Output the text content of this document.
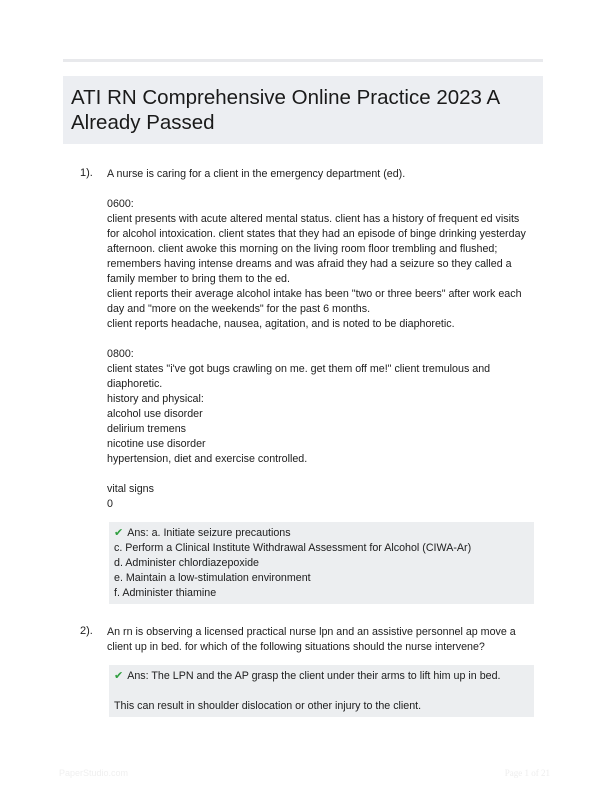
ATI RN Comprehensive Online Practice 2023 A Already Passed
1). A nurse is caring for a client in the emergency department (ed).
0600:
client presents with acute altered mental status. client has a history of frequent ed visits
for alcohol intoxication. client states that they had an episode of binge drinking yesterday
afternoon. client awoke this morning on the living room floor trembling and flushed;
remembers having intense dreams and was afraid they had a seizure so they called a
family member to bring them to the ed.
client reports their average alcohol intake has been "two or three beers" after work each
day and "more on the weekends" for the past 6 months.
client reports headache, nausea, agitation, and is noted to be diaphoretic.
0800:
client states "i've got bugs crawling on me. get them off me!" client tremulous and
diaphoretic.
history and physical:
alcohol use disorder
delirium tremens
nicotine use disorder
hypertension, diet and exercise controlled.
vital signs
0
✔ Ans: a. Initiate seizure precautions
c. Perform a Clinical Institute Withdrawal Assessment for Alcohol (CIWA-Ar)
d. Administer chlordiazepoxide
e. Maintain a low-stimulation environment
f. Administer thiamine
2). An rn is observing a licensed practical nurse lpn and an assistive personnel ap move a
client up in bed. for which of the following situations should the nurse intervene?
✔ Ans: The LPN and the AP grasp the client under their arms to lift him up in bed.
This can result in shoulder dislocation or other injury to the client.
PaperStudio.com	Page 1 of 21
